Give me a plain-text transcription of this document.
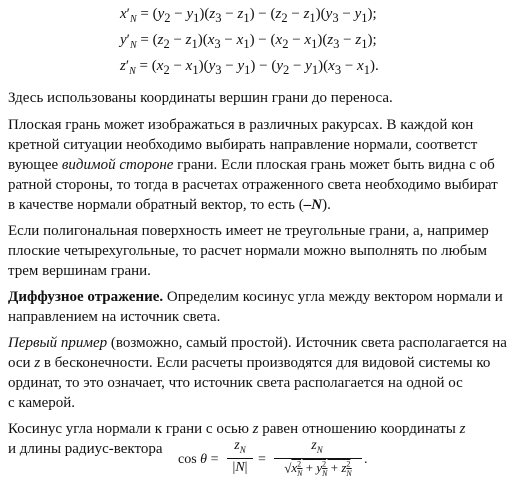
$x'_N = (y_2 - y_1)(z_3 - z_1) - (z_2 - z_1)(y_3 - y_1)$;
$y'_N = (z_2 - z_1)(x_3 - x_1) - (x_2 - x_1)(z_3 - z_1)$;
$z'_N = (x_2 - x_1)(y_3 - y_1) - (y_2 - y_1)(x_3 - x_1)$.
Здесь использованы координаты вершин грани до переноса.
Плоская грань может изображаться в различных ракурсах. В каждой кон
кретной ситуации необходимо выбирать направление нормали, соответст
вующее видимой стороне грани. Если плоская грань может быть видна с об
ратной стороны, то тогда в расчетах отраженного света необходимо выбират
в качестве нормали обратный вектор, то есть (–N).
Если полигональная поверхность имеет не треугольные грани, а, например
плоские четырехугольные, то расчет нормали можно выполнять по любым
трем вершинам грани.
Диффузное отражение. Определим косинус угла между вектором нормали и
направлением на источник света.
Первый пример (возможно, самый простой). Источник света располагается на
оси z в бесконечности. Если расчеты производятся для видовой системы ко
ординат, то это означает, что источник света располагается на одной ос
с камерой.
Косинус угла нормали к грани с осью z равен отношению координаты z
и длины радиус-вектора
cos θ =
$z_N$
|N|
=
$z_N$
$√x^2_N + y^2_N + z^2_N$
.
